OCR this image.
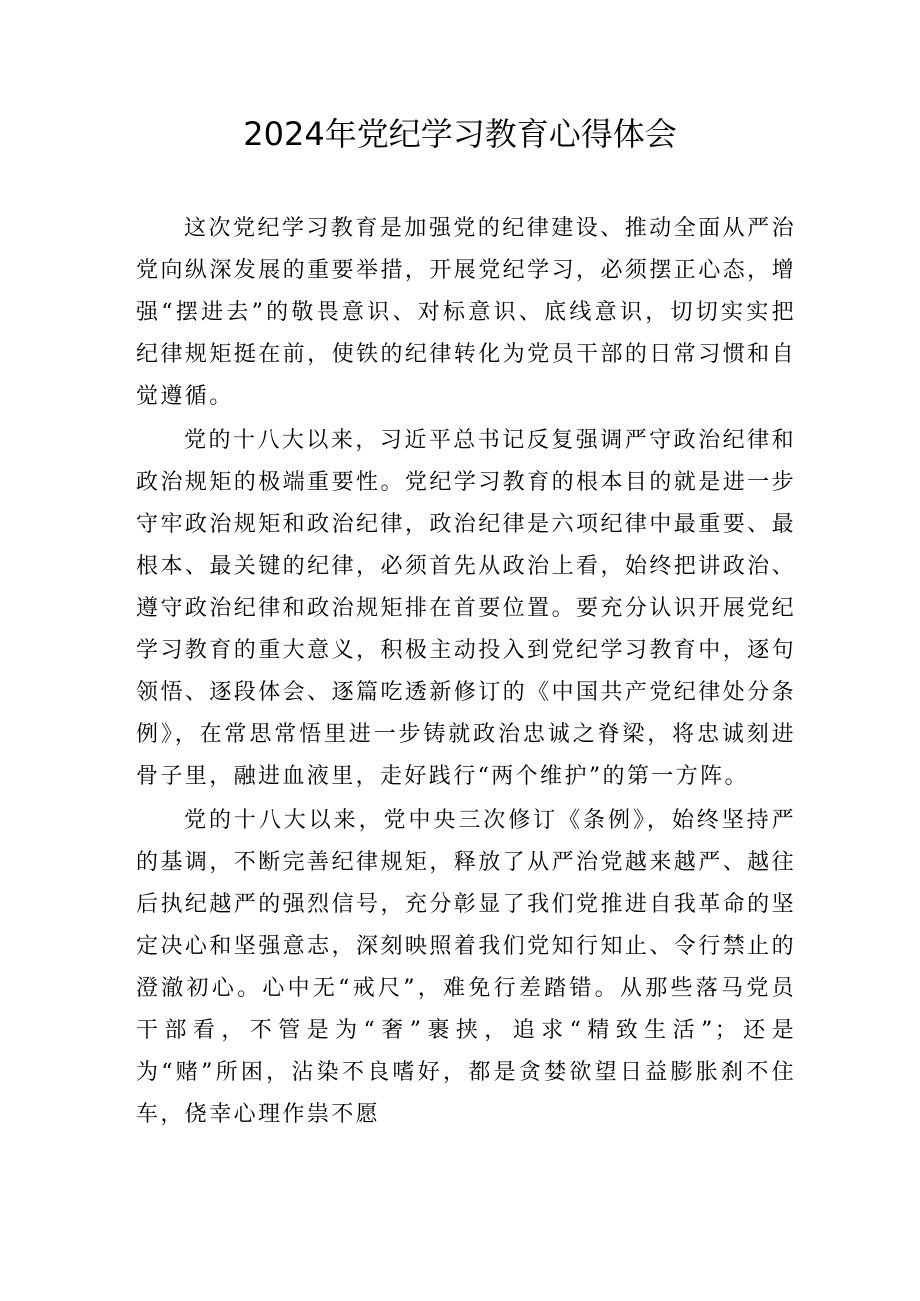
2024年党纪学习教育心得体会

这次党纪学习教育是加强党的纪律建设、推动全面从严治党向纵深发展的重要举措，开展党纪学习，必须摆正心态，增强“摆进去”的敬畏意识、对标意识、底线意识，切切实实把纪律规矩挺在前，使铁的纪律转化为党员干部的日常习惯和自觉遵循。

党的十八大以来，习近平总书记反复强调严守政治纪律和政治规矩的极端重要性。党纪学习教育的根本目的就是进一步守牢政治规矩和政治纪律，政治纪律是六项纪律中最重要、最根本、最关键的纪律，必须首先从政治上看，始终把讲政治、遵守政治纪律和政治规矩排在首要位置。要充分认识开展党纪学习教育的重大意义，积极主动投入到党纪学习教育中，逐句领悟、逐段体会、逐篇吃透新修订的《中国共产党纪律处分条例》，在常思常悟里进一步铸就政治忠诚之脊梁，将忠诚刻进骨子里，融进血液里，走好践行“两个维护”的第一方阵。

党的十八大以来，党中央三次修订《条例》，始终坚持严的基调，不断完善纪律规矩，释放了从严治党越来越严、越往后执纪越严的强烈信号，充分彰显了我们党推进自我革命的坚定决心和坚强意志，深刻映照着我们党知行知止、令行禁止的澄澈初心。心中无“戒尺”，难免行差踏错。从那些落马党员干部看，不管是为“奢”裹挟，追求“精致生活”；还是为“赌”所困，沾染不良嗜好，都是贪婪欲望日益膨胀刹不住车，侥幸心理作祟不愿
